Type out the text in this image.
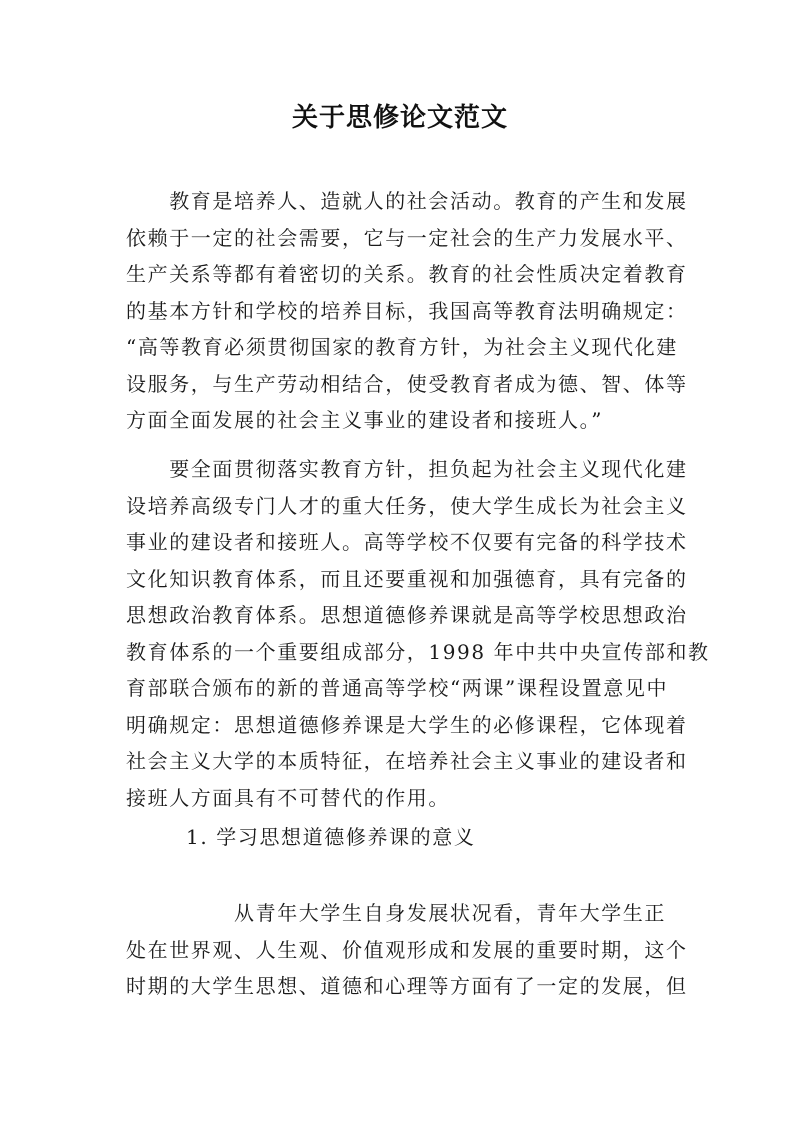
关于思修论文范文
　　教育是培养人、造就人的社会活动。教育的产生和发展
依赖于一定的社会需要，它与一定社会的生产力发展水平、
生产关系等都有着密切的关系。教育的社会性质决定着教育
的基本方针和学校的培养目标，我国高等教育法明确规定：
“高等教育必须贯彻国家的教育方针，为社会主义现代化建
设服务，与生产劳动相结合，使受教育者成为德、智、体等
方面全面发展的社会主义事业的建设者和接班人。”
　　要全面贯彻落实教育方针，担负起为社会主义现代化建
设培养高级专门人才的重大任务，使大学生成长为社会主义
事业的建设者和接班人。高等学校不仅要有完备的科学技术
文化知识教育体系，而且还要重视和加强德育，具有完备的
思想政治教育体系。思想道德修养课就是高等学校思想政治
教育体系的一个重要组成部分，1998 年中共中央宣传部和教
育部联合颁布的新的普通高等学校“两课”课程设置意见中
明确规定：思想道德修养课是大学生的必修课程，它体现着
社会主义大学的本质特征，在培养社会主义事业的建设者和
接班人方面具有不可替代的作用。
1. 学习思想道德修养课的意义
　　　　　从青年大学生自身发展状况看，青年大学生正
处在世界观、人生观、价值观形成和发展的重要时期，这个
时期的大学生思想、道德和心理等方面有了一定的发展，但
